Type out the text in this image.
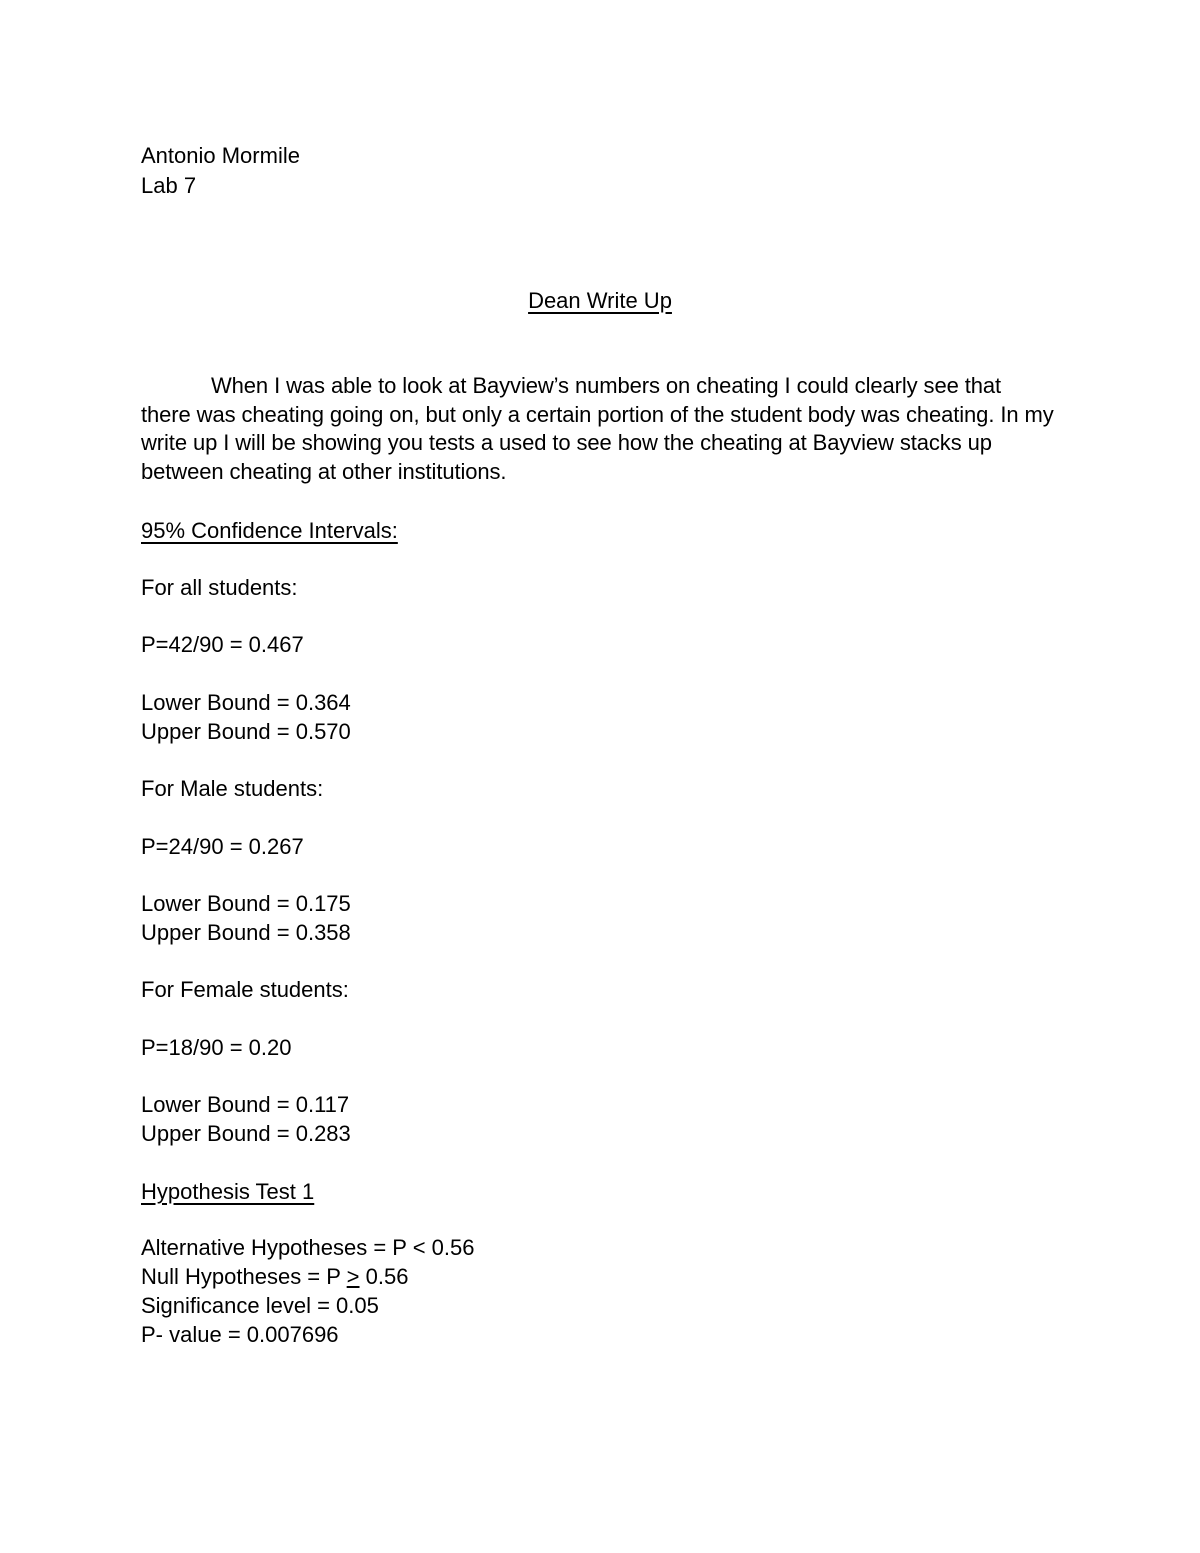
Antonio Mormile
Lab 7
Dean Write Up
When I was able to look at Bayview’s numbers on cheating I could clearly see that there was cheating going on, but only a certain portion of the student body was cheating. In my write up I will be showing you tests a used to see how the cheating at Bayview stacks up between cheating at other institutions.
95% Confidence Intervals:
For all students:
P=42/90 = 0.467
Lower Bound = 0.364
Upper Bound = 0.570
For Male students:
P=24/90 = 0.267
Lower Bound = 0.175
Upper Bound = 0.358
For Female students:
P=18/90 = 0.20
Lower Bound = 0.117
Upper Bound = 0.283
Hypothesis Test 1
Alternative Hypotheses = P < 0.56
Null Hypotheses = P ≥ 0.56
Significance level = 0.05
P- value = 0.007696
